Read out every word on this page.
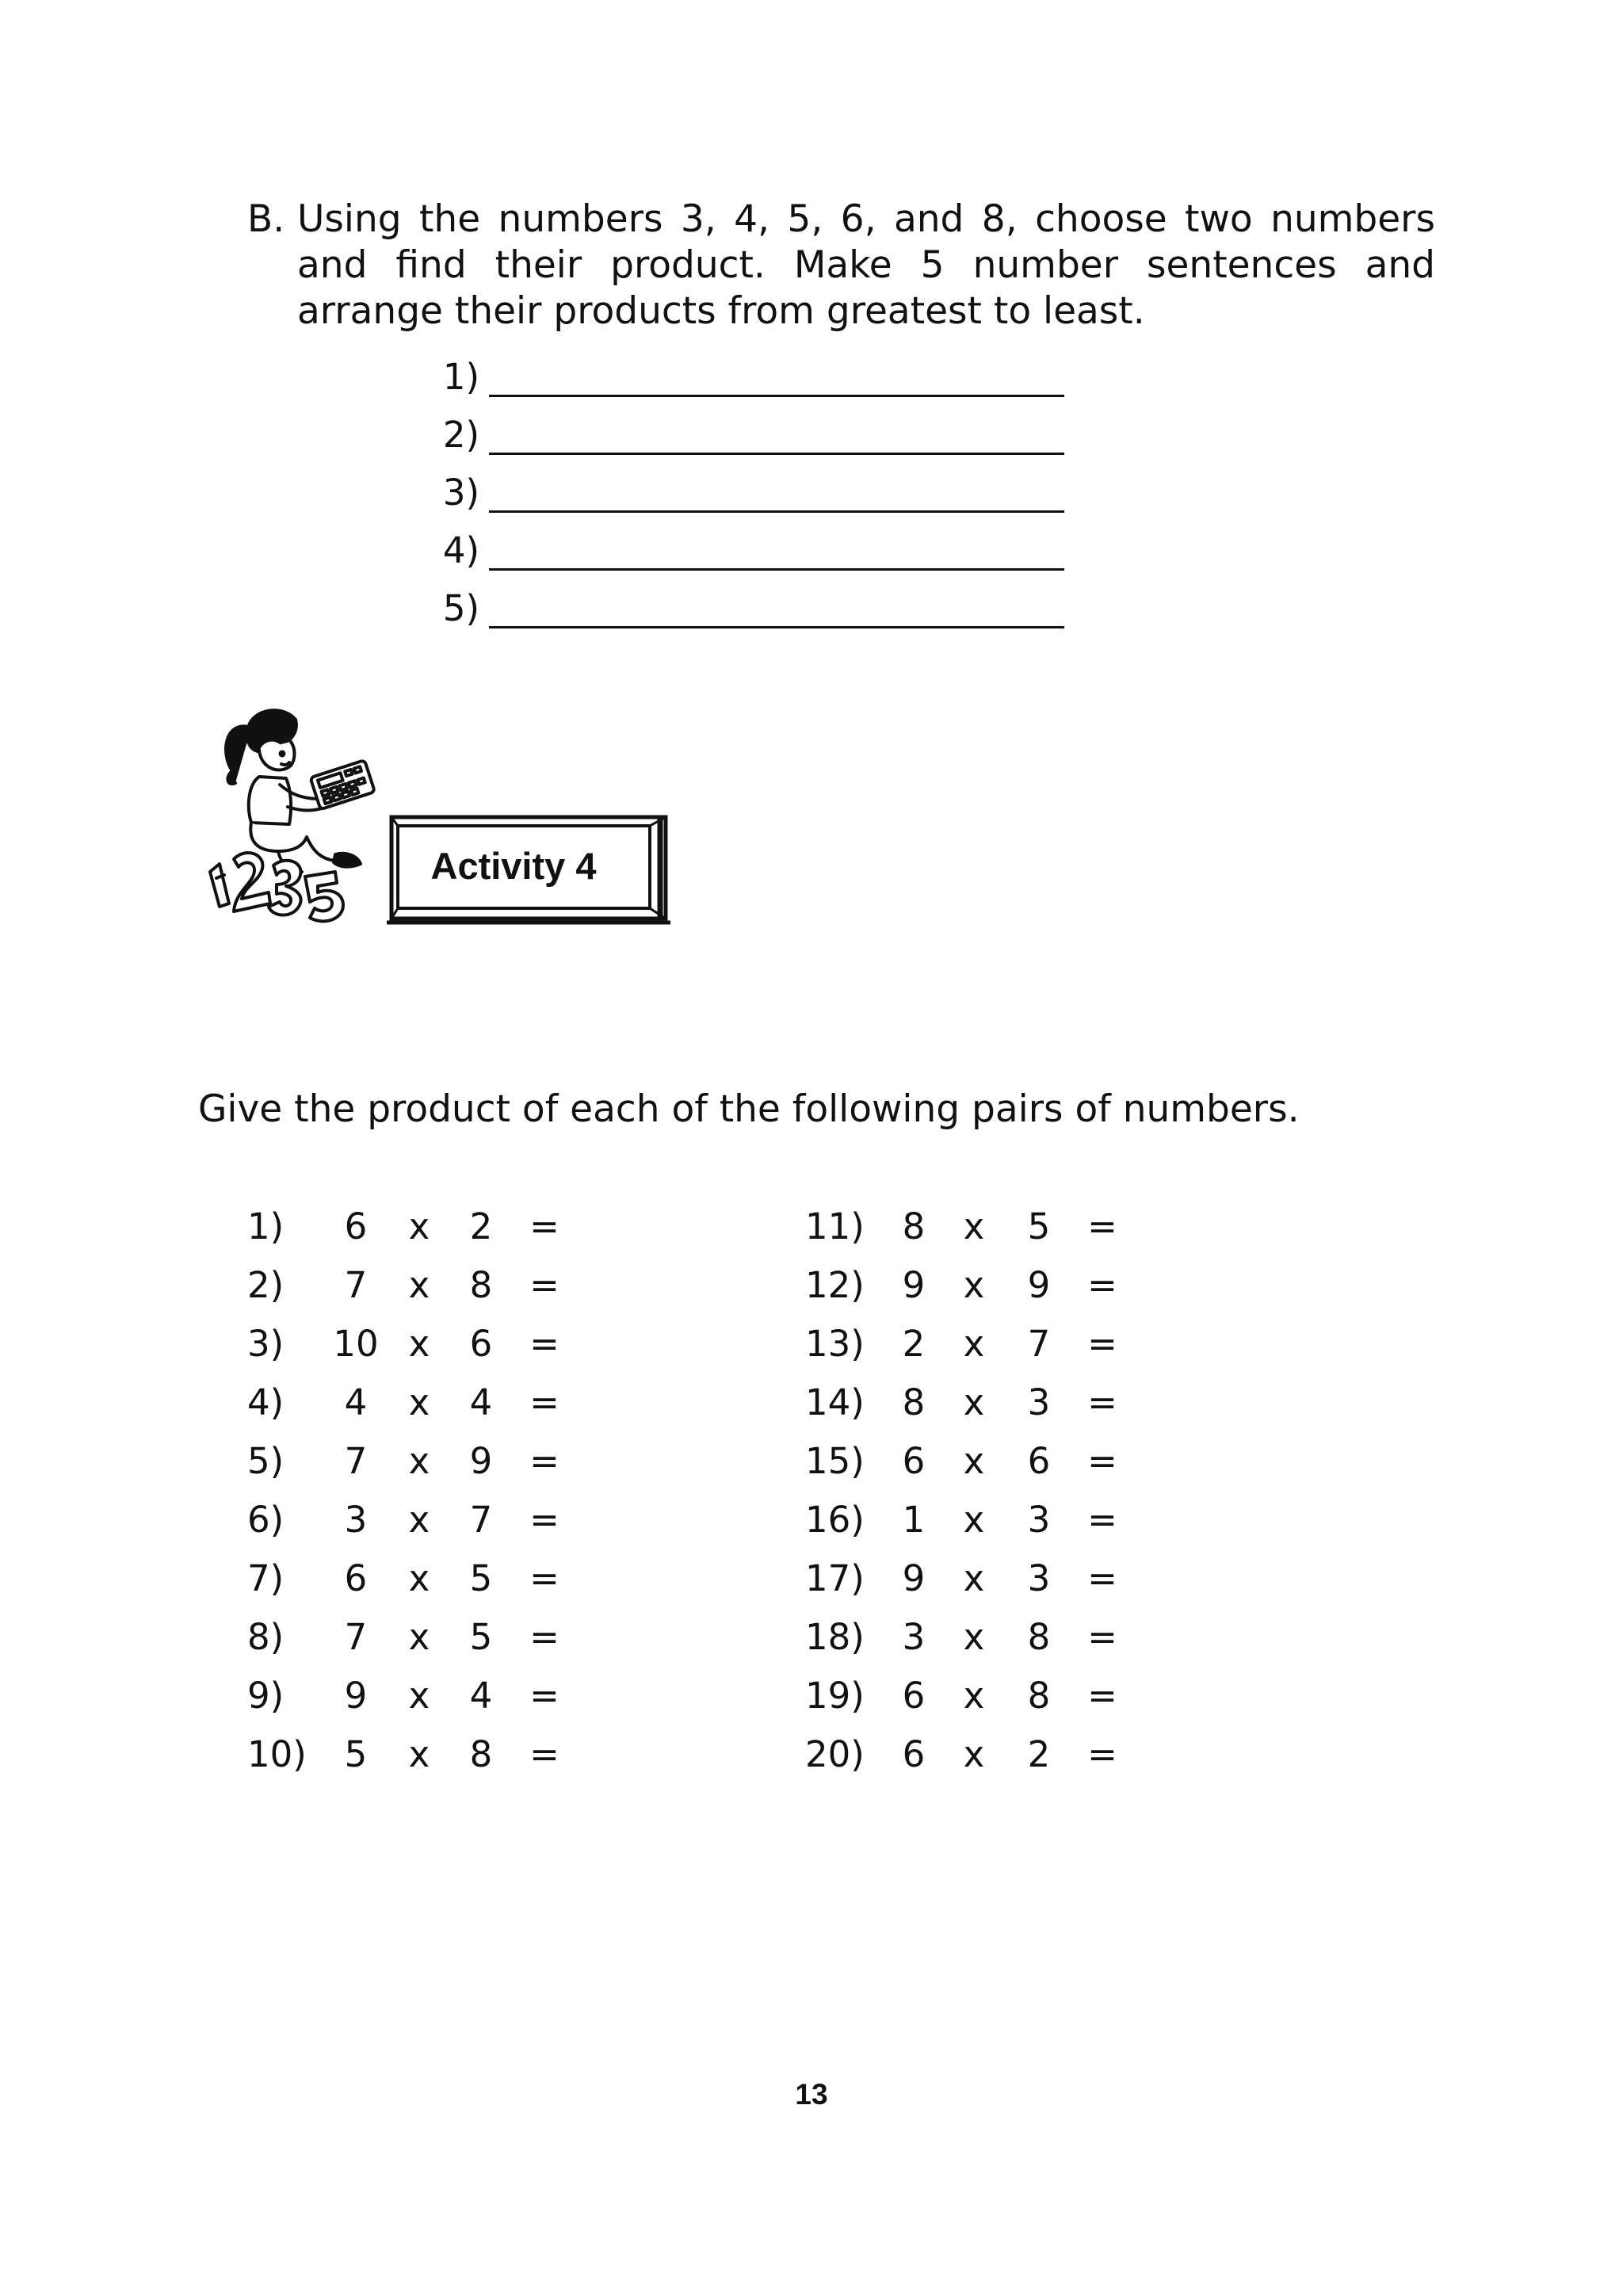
B. Using the numbers 3, 4, 5, 6, and 8, choose two numbers and find their product. Make 5 number sentences and arrange their products from greatest to least.
1)
2)
3)
4)
5)
Activity 4
Give the product of each of the following pairs of numbers.
1)	6	x 2 =
2)	7	x 8 =
3)	10 x 6 =
4)	4	x 4 =
5)	7	x 9 =
6)	3	x 7 =
7)	6	x 5 =
8)	7	x 5 =
9)	9	x 4 =
10)	5	x 8 =
11)	8	x 5 =
12)	9	x 9 =
13)	2	x 7 =
14)	8	x 3 =
15)	6	x 6 =
16)	1	x 3 =
17)	9	x 3 =
18)	3	x 8 =
19)	6	x 8 =
20)	6	x 2 =
13
